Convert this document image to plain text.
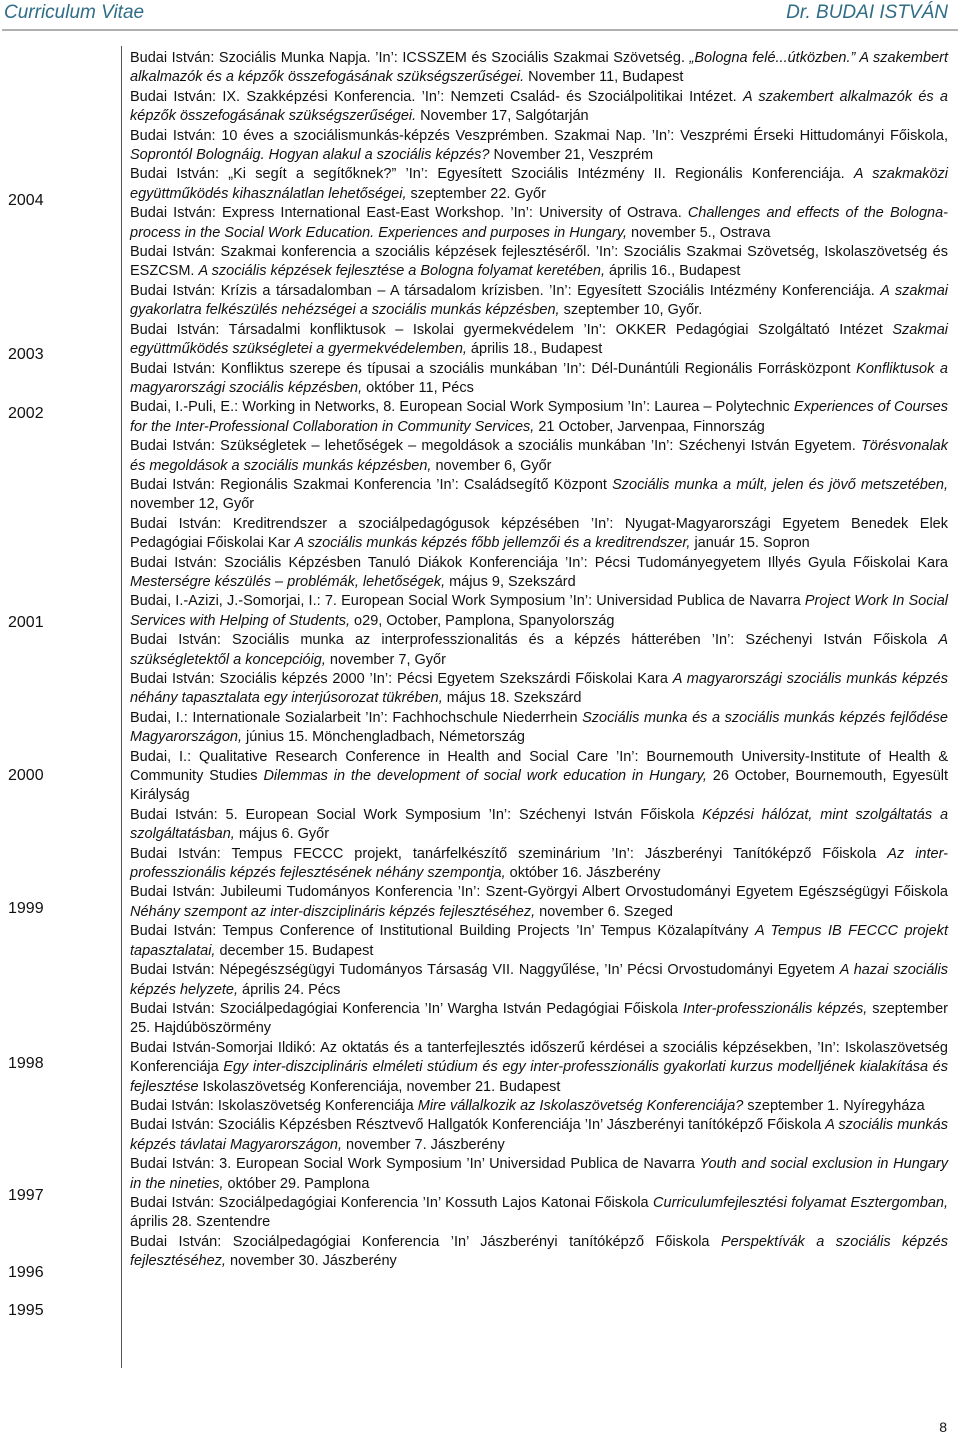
Curriculum Vitae	Dr. BUDAI ISTVÁN
2004
2003
2002
2001
2000
1999
1998
1997
1996
1995
Budai István: Szociális Munka Napja. ’In’: ICSSZEM és Szociális Szakmai Szövetség. „Bologna felé...útközben.” A szakembert alkalmazók és a képzők összefogásának szükségszerűségei. November 11, Budapest
Budai István: IX. Szakképzési Konferencia. ’In’: Nemzeti Család- és Szociálpolitikai Intézet. A szakembert alkalmazók és a képzők összefogásának szükségszerűségei. November 17, Salgótarján
Budai István: 10 éves a szociálismunkás-képzés Veszprémben. Szakmai Nap. ’In’: Veszprémi Érseki Hittudományi Főiskola, Soprontól Bolognáig. Hogyan alakul a szociális képzés? November 21, Veszprém
Budai István: „Ki segít a segítőknek?” ’In’: Egyesített Szociális Intézmény II. Regionális Konferenciája. A szakmaközi együttműködés kihasználatlan lehetőségei, szeptember 22. Győr
Budai István: Express International East-East Workshop. ’In’: University of Ostrava. Challenges and effects of the Bologna-process in the Social Work Education. Experiences and purposes in Hungary, november 5., Ostrava
Budai István: Szakmai konferencia a szociális képzések fejlesztéséről. ’In’: Szociális Szakmai Szövetség, Iskolaszövetség és ESZCSM. A szociális képzések fejlesztése a Bologna folyamat keretében, április 16., Budapest
Budai István: Krízis a társadalomban – A társadalom krízisben. ’In’: Egyesített Szociális Intézmény Konferenciája. A szakmai gyakorlatra felkészülés nehézségei a szociális munkás képzésben, szeptember 10, Győr.
Budai István: Társadalmi konfliktusok – Iskolai gyermekvédelem ’In’: OKKER Pedagógiai Szolgáltató Intézet Szakmai együttműködés szükségletei a gyermekvédelemben, április 18., Budapest
Budai István: Konfliktus szerepe és típusai a szociális munkában ’In’: Dél-Dunántúli Regionális Forrásközpont Konfliktusok a magyarországi szociális képzésben, október 11, Pécs
Budai, I.-Puli, E.: Working in Networks, 8. European Social Work Symposium ’In’: Laurea – Polytechnic Experiences of Courses for the Inter-Professional Collaboration in Community Services, 21 October, Jarvenpaa, Finnország
Budai István: Szükségletek – lehetőségek – megoldások a szociális munkában ’In’: Széchenyi István Egyetem. Törésvonalak és megoldások a szociális munkás képzésben, november 6, Győr
Budai István: Regionális Szakmai Konferencia ’In’: Családsegítő Központ Szociális munka a múlt, jelen és jövő metszetében, november 12, Győr
Budai István: Kreditrendszer a szociálpedagógusok képzésében ’In’: Nyugat-Magyarországi Egyetem Benedek Elek Pedagógiai Főiskolai Kar A szociális munkás képzés főbb jellemzői és a kreditrendszer, január 15. Sopron
Budai István: Szociális Képzésben Tanuló Diákok Konferenciája ’In’: Pécsi Tudományegyetem Illyés Gyula Főiskolai Kara Mesterségre készülés – problémák, lehetőségek, május 9, Szekszárd
Budai, I.-Azizi, J.-Somorjai, I.: 7. European Social Work Symposium ’In’: Universidad Publica de Navarra Project Work In Social Services with Helping of Students, o29, October, Pamplona, Spanyolország
Budai István: Szociális munka az interprofesszionalitás és a képzés hátterében ’In’: Széchenyi István Főiskola A szükségletektől a koncepcióig, november 7, Győr
Budai István: Szociális képzés 2000 ’In’: Pécsi Egyetem Szekszárdi Főiskolai Kara A magyarországi szociális munkás képzés néhány tapasztalata egy interjúsorozat tükrében, május 18. Szekszárd
Budai, I.: Internationale Sozialarbeit ’In’: Fachhochschule Niederrhein Szociális munka és a szociális munkás képzés fejlődése Magyarországon, június 15. Mönchengladbach, Németország
Budai, I.: Qualitative Research Conference in Health and Social Care ’In’: Bournemouth University-Institute of Health & Community Studies Dilemmas in the development of social work education in Hungary, 26 October, Bournemouth, Egyesült Királyság
Budai István: 5. European Social Work Symposium ’In’: Széchenyi István Főiskola Képzési hálózat, mint szolgáltatás a szolgáltatásban, május 6. Győr
Budai István: Tempus FECCC projekt, tanárfelkészítő szeminárium ’In’: Jászberényi Tanítóképző Főiskola Az inter-professzionális képzés fejlesztésének néhány szempontja, október 16. Jászberény
Budai István: Jubileumi Tudományos Konferencia ’In’: Szent-Györgyi Albert Orvostudományi Egyetem Egészségügyi Főiskola Néhány szempont az inter-diszciplináris képzés fejlesztéséhez, november 6. Szeged
Budai István: Tempus Conference of Institutional Building Projects ’In’ Tempus Közalapítvány A Tempus IB FECCC projekt tapasztalatai, december 15. Budapest
Budai István: Népegészségügyi Tudományos Társaság VII. Naggyűlése, ’In’ Pécsi Orvostudományi Egyetem A hazai szociális képzés helyzete, április 24. Pécs
Budai István: Szociálpedagógiai Konferencia ’In’ Wargha István Pedagógiai Főiskola Inter-professzionális képzés, szeptember 25. Hajdúböszörmény
Budai István-Somorjai Ildikó: Az oktatás és a tanterfejlesztés időszerű kérdései a szociális képzésekben, ’In’: Iskolaszövetség Konferenciája Egy inter-diszciplináris elméleti stúdium és egy inter-professzionális gyakorlati kurzus modelljének kialakítása és fejlesztése Iskolaszövetség Konferenciája, november 21. Budapest
Budai István: Iskolaszövetség Konferenciája Mire vállalkozik az Iskolaszövetség Konferenciája? szeptember 1. Nyíregyháza
Budai István: Szociális Képzésben Résztvevő Hallgatók Konferenciája ’In’ Jászberényi tanítóképző Főiskola A szociális munkás képzés távlatai Magyarországon, november 7. Jászberény
Budai István: 3. European Social Work Symposium ’In’ Universidad Publica de Navarra Youth and social exclusion in Hungary in the nineties, október 29. Pamplona
Budai István: Szociálpedagógiai Konferencia ’In’ Kossuth Lajos Katonai Főiskola Curriculumfejlesztési folyamat Esztergomban, április 28. Szentendre
Budai István: Szociálpedagógiai Konferencia ’In’ Jászberényi tanítóképző Főiskola Perspektívák a szociális képzés fejlesztéséhez, november 30. Jászberény
8
